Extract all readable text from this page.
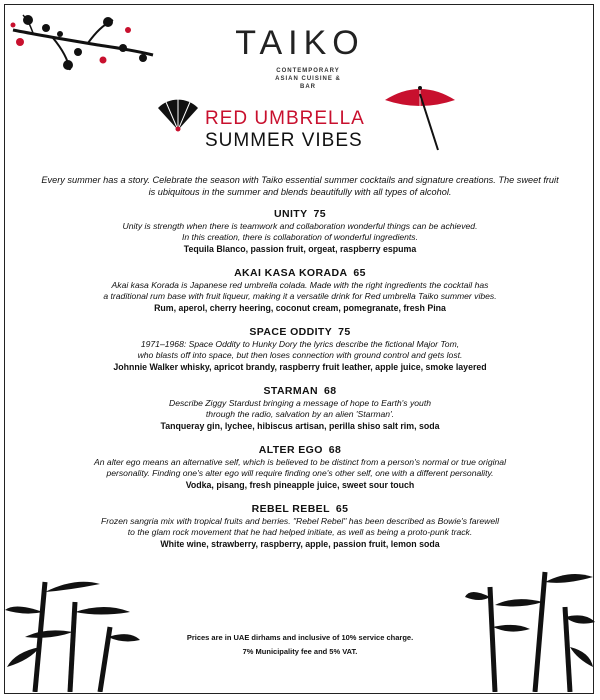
TAIKO
CONTEMPORARY ASIAN CUISINE & BAR
RED UMBRELLA
SUMMER VIBES
Every summer has a story. Celebrate the season with Taiko essential summer cocktails and signature creations. The sweet fruit is ubiquitous in the summer and blends beautifully with all types of alcohol.
UNITY 75
Unity is strength when there is teamwork and collaboration wonderful things can be achieved.
In this creation, there is collaboration of wonderful ingredients.
Tequila Blanco, passion fruit, orgeat, raspberry espuma
AKAI KASA KORADA 65
Akai kasa Korada is Japanese red umbrella colada. Made with the right ingredients the cocktail has
a traditional rum base with fruit liqueur, making it a versatile drink for Red umbrella Taiko summer vibes.
Rum, aperol, cherry heering, coconut cream, pomegranate, fresh Pina
SPACE ODDITY 75
1971–1968: Space Oddity to Hunky Dory the lyrics describe the fictional Major Tom,
who blasts off into space, but then loses connection with ground control and gets lost.
Johnnie Walker whisky, apricot brandy, raspberry fruit leather, apple juice, smoke layered
STARMAN 68
Describe Ziggy Stardust bringing a message of hope to Earth's youth
through the radio, salvation by an alien 'Starman'.
Tanqueray gin, lychee, hibiscus artisan, perilla shiso salt rim, soda
ALTER EGO 68
An alter ego means an alternative self, which is believed to be distinct from a person's normal or true original
personality. Finding one's alter ego will require finding one's other self, one with a different personality.
Vodka, pisang, fresh pineapple juice, sweet sour touch
REBEL REBEL 65
Frozen sangria mix with tropical fruits and berries. "Rebel Rebel" has been described as Bowie's farewell
to the glam rock movement that he had helped initiate, as well as being a proto-punk track.
White wine, strawberry, raspberry, apple, passion fruit, lemon soda
Prices are in UAE dirhams and inclusive of 10% service charge.
7% Municipality fee and 5% VAT.
